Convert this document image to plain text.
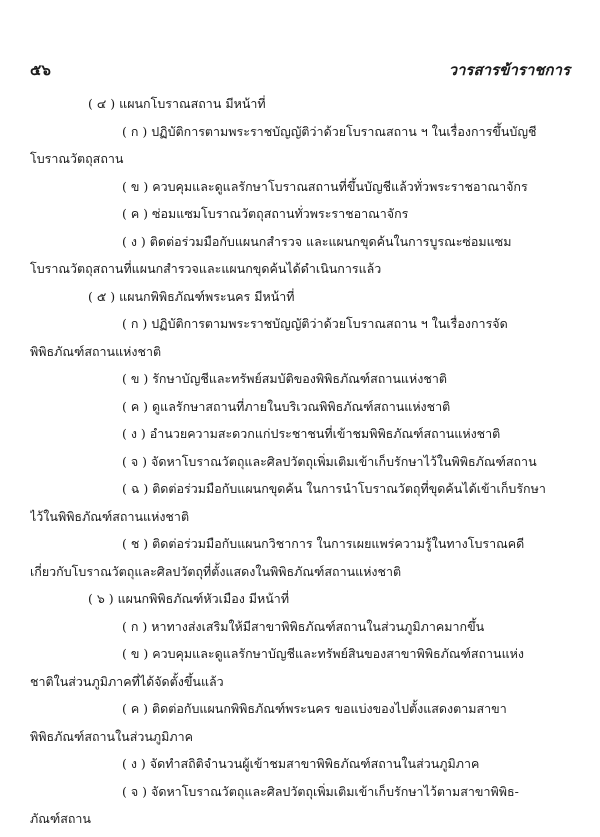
๕๖	วารสารข้าราชการ
( ๔ ) แผนกโบราณสถาน มีหน้าที่
( ก ) ปฏิบัติการตามพระราชบัญญัติว่าด้วยโบราณสถาน ฯ ในเรื่องการขึ้นบัญชี
โบราณวัตถุสถาน
( ข ) ควบคุมและดูแลรักษาโบราณสถานที่ขึ้นบัญชีแล้วทั่วพระราชอาณาจักร
( ค ) ซ่อมแซมโบราณวัตถุสถานทั่วพระราชอาณาจักร
( ง ) ติดต่อร่วมมือกับแผนกสำรวจ และแผนกขุดค้นในการบูรณะซ่อมแซม
โบราณวัตถุสถานที่แผนกสำรวจและแผนกขุดค้นได้ดำเนินการแล้ว
( ๕ ) แผนกพิพิธภัณฑ์พระนคร มีหน้าที่
( ก ) ปฏิบัติการตามพระราชบัญญัติว่าด้วยโบราณสถาน ฯ ในเรื่องการจัด
พิพิธภัณฑ์สถานแห่งชาติ
( ข ) รักษาบัญชีและทรัพย์สมบัติของพิพิธภัณฑ์สถานแห่งชาติ
( ค ) ดูแลรักษาสถานที่ภายในบริเวณพิพิธภัณฑ์สถานแห่งชาติ
( ง ) อำนวยความสะดวกแก่ประชาชนที่เข้าชมพิพิธภัณฑ์สถานแห่งชาติ
( จ ) จัดหาโบราณวัตถุและศิลปวัตถุเพิ่มเติมเข้าเก็บรักษาไว้ในพิพิธภัณฑ์สถาน
( ฉ ) ติดต่อร่วมมือกับแผนกขุดค้น ในการนำโบราณวัตถุที่ขุดค้นได้เข้าเก็บรักษา
ไว้ในพิพิธภัณฑ์สถานแห่งชาติ
( ช ) ติดต่อร่วมมือกับแผนกวิชาการ ในการเผยแพร่ความรู้ในทางโบราณคดี
เกี่ยวกับโบราณวัตถุและศิลปวัตถุที่ตั้งแสดงในพิพิธภัณฑ์สถานแห่งชาติ
( ๖ ) แผนกพิพิธภัณฑ์หัวเมือง มีหน้าที่
( ก ) หาทางส่งเสริมให้มีสาขาพิพิธภัณฑ์สถานในส่วนภูมิภาคมากขึ้น
( ข ) ควบคุมและดูแลรักษาบัญชีและทรัพย์สินของสาขาพิพิธภัณฑ์สถานแห่ง
ชาติในส่วนภูมิภาคที่ได้จัดตั้งขึ้นแล้ว
( ค ) ติดต่อกับแผนกพิพิธภัณฑ์พระนคร ขอแบ่งของไปตั้งแสดงตามสาขา
พิพิธภัณฑ์สถานในส่วนภูมิภาค
( ง ) จัดทำสถิติจำนวนผู้เข้าชมสาขาพิพิธภัณฑ์สถานในส่วนภูมิภาค
( จ ) จัดหาโบราณวัตถุและศิลปวัตถุเพิ่มเติมเข้าเก็บรักษาไว้ตามสาขาพิพิธ-
ภัณฑ์สถาน
